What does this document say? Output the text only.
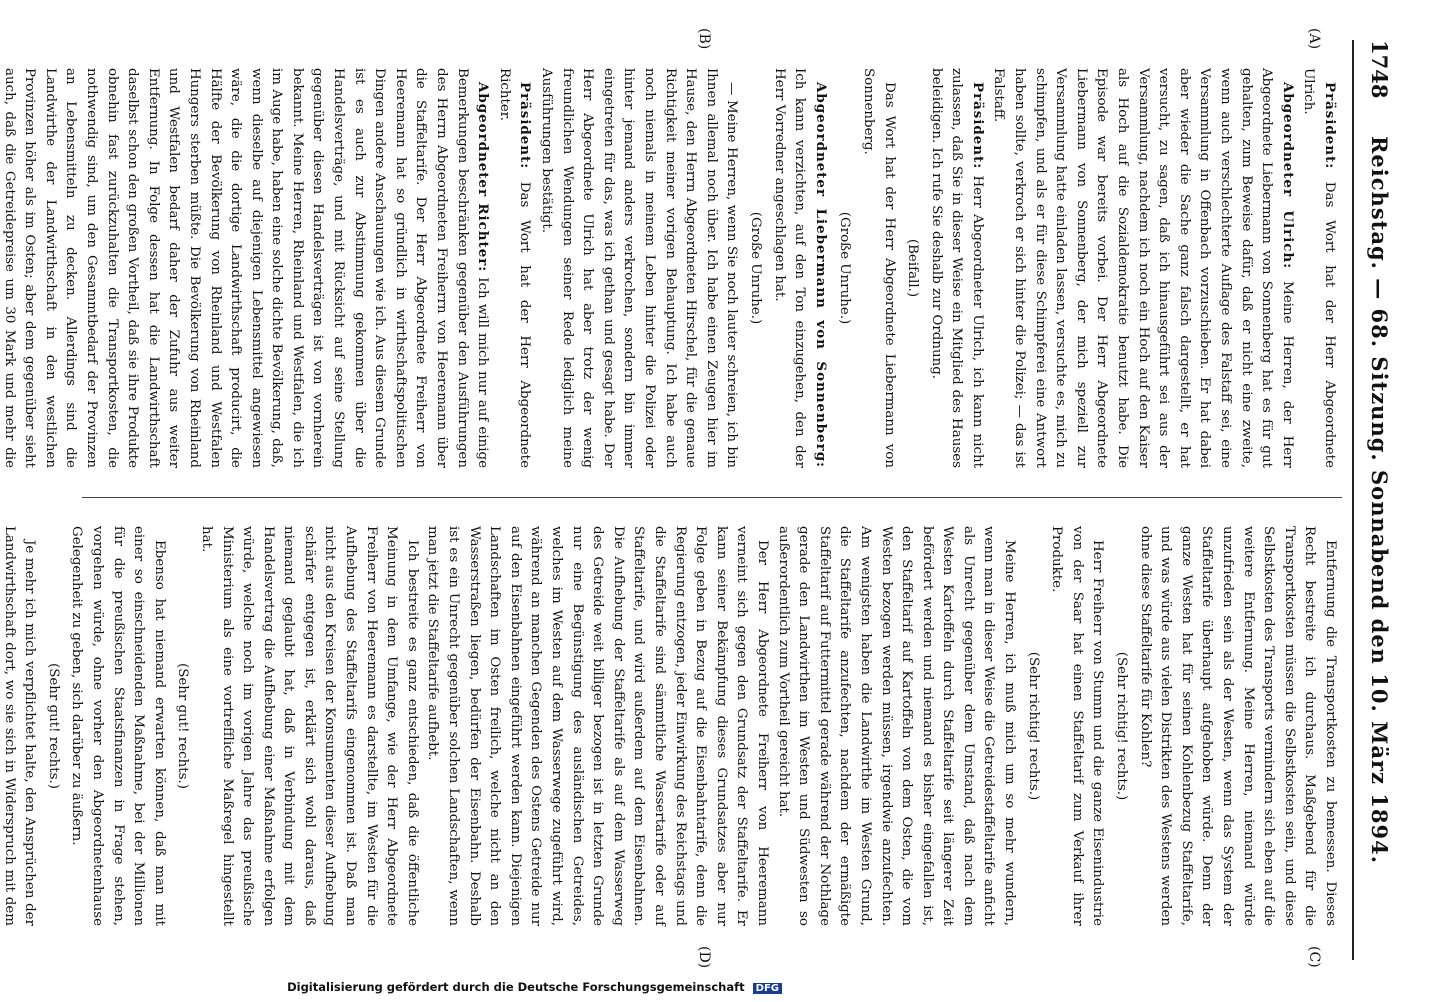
1748
Reichstag. — 68. Sitzung. Sonnabend den 10. März 1894.
(A)
(B)
(C)
(D)

Präsident: Das Wort hat der Herr Abgeordnete Ulrich.

Abgeordneter Ulrich: Meine Herren, der Herr Abgeordnete Liebermann von Sonnenberg hat es für gut gehalten, zum Beweise dafür, daß er nicht eine zweite, wenn auch verschlechterte Auflage des Falstaff sei, eine Versammlung in Offenbach vorzuschieben. Er hat dabei aber wieder die Sache ganz falsch dargestellt, er hat versucht, zu sagen, daß ich hinausgeführt sei aus der Versammlung, nachdem ich noch ein Hoch auf den Kaiser als Hoch auf die Sozialdemokratie benutzt habe. Die Episode war bereits vorbei. Der Herr Abgeordnete Liebermann von Sonnenberg, der mich speziell zur Versammlung hatte einladen lassen, versuchte es, mich zu schimpfen, und als er für diese Schimpferei eine Antwort haben sollte, verkroch er sich hinter die Polizei; — das ist Falstaff.

Präsident: Herr Abgeordneter Ulrich, ich kann nicht zulassen, daß Sie in dieser Weise ein Mitglied des Hauses beleidigen. Ich rufe Sie deshalb zur Ordnung.

(Beifall.)

Das Wort hat der Herr Abgeordnete Liebermann von Sonnenberg.

(Große Unruhe.)

Abgeordneter Liebermann von Sonnenberg: Ich kann verzichten, auf den Ton einzugehen, den der Herr Vorredner angeschlagen hat.

(Große Unruhe.)

— Meine Herren, wenn Sie noch lauter schreien, ich bin Ihnen allemal noch über. Ich habe einen Zeugen hier im Hause, den Herrn Abgeordneten Hirschel, für die genaue Richtigkeit meiner vorigen Behauptung. Ich habe auch noch niemals in meinem Leben hinter die Polizei oder hinter jemand anders verkrochen, sondern bin immer eingetreten für das, was ich gethan und gesagt habe. Der Herr Abgeordnete Ulrich hat aber trotz der wenig freundlichen Wendungen seiner Rede lediglich meine Ausführungen bestätigt.

Präsident: Das Wort hat der Herr Abgeordnete Richter.

Abgeordneter Richter: Ich will mich nur auf einige Bemerkungen beschränken gegenüber den Ausführungen des Herrn Abgeordneten Freiherrn von Heeremann über die Staffeltarife. Der Herr Abgeordnete Freiherr von Heeremann hat so gründlich in wirthschaftspolitischen Dingen andere Anschauungen wie ich. Aus diesem Grunde ist es auch zur Abstimmung gekommen über die Handelsverträge, und mit Rücksicht auf seine Stellung gegenüber diesen Handelsverträgen ist von vornherein bekannt. Meine Herren, Rheinland und Westfalen, die ich im Auge habe, haben eine solche dichte Bevölkerung, daß, wenn dieselbe auf diejenigen Lebensmittel angewiesen wäre, die die dortige Landwirthschaft producirt, die Hälfte der Bevölkerung von Rheinland und Westfalen Hungers sterben müßte. Die Bevölkerung von Rheinland und Westfalen bedarf daher der Zufuhr aus weiter Entfernung. In Folge dessen hat die Landwirthschaft daselbst schon den großen Vortheil, daß sie ihre Produkte obnehin fast zurückzuhalten die Transportkosten, die nothwendig sind, um den Gesammtbedarf der Provinzen an Lebensmitteln zu decken. Allerdings sind die Landwirthe der Landwirthschaft in den westlichen Provinzen höher als im Osten; aber dem gegenüber sieht auch, daß die Getreidepreise um 30 Mark und mehr die

Entfernung die Transportkosten zu bemessen. Dieses Recht bestreite ich durchaus. Maßgebend für die Transportkosten müssen die Selbstkosten sein, und diese Selbstkosten des Transports vermindern sich eben auf die weitere Entfernung. Meine Herren, niemand würde unzufrieden sein als der Westen, wenn das System der Staffeltarife überhaupt aufgehoben würde. Denn der ganze Westen hat für seinen Kohlenbezug Staffeltarife, und was würde aus vielen Distrikten des Westens werden ohne diese Staffeltarife für Kohlen?

(Sehr richtig! rechts.)

Herr Freiherr von Stumm und die ganze Eisenindustrie von der Saar hat einen Staffeltarif zum Verkauf ihrer Produkte.

(Sehr richtig! rechts.)

Meine Herren, ich muß mich um so mehr wundern, wenn man in dieser Weise die Getreidestaffeltarife anficht als Unrecht gegenüber dem Umstand, daß nach dem Westen Kartoffeln durch Staffeltarife seit längerer Zeit befördert werden und niemand es bisher eingefallen ist, den Staffeltarif auf Kartoffeln von dem Osten, die vom Westen bezogen werden müssen, irgendwie anzufechten. Am wenigsten haben die Landwirthe im Westen Grund, die Staffeltarife anzufechten, nachdem der ermäßigte Staffeltarif auf Futtermittel gerade während der Nothlage gerade den Landwirthen im Westen und Südwesten so außerordentlich zum Vortheil gereicht hat.

Der Herr Abgeordnete Freiherr von Heeremann verneint sich gegen den Grundsatz der Staffeltarife. Er kann seiner Bekämpfung dieses Grundsatzes aber nur Folge geben in Bezug auf die Eisenbahntarife, denn die Regierung entzogen, jeder Einwirkung des Reichstags und die Staffeltarife sind sämmtliche Wassertarife oder auf Staffeltarife, und wird außerdem auf dem Eisenbahnen. Die Aufhebung der Staffeltarife als auf dem Wasserweg des Getreide weit billiger bezogen ist in letzten Grunde nur eine Begünstigung des ausländischen Getreides, welches im Westen auf dem Wasserwege zugeführt wird, während an manchen Gegenden des Ostens Getreide nur auf den Eisenbahnen eingeführt werden kann. Diejenigen Landschaften im Osten freilich, welche nicht an den Wasserstraßen liegen, bedürfen der Eisenbahn. Deshalb ist es ein Unrecht gegenüber solchen Landschaften, wenn man jetzt die Staffeltarife aufhebt.

Ich bestreite es ganz entschieden, daß die öffentliche Meinung in dem Umfange, wie der Herr Abgeordnete Freiherr von Heeremann es darstellte, im Westen für die Aufhebung des Staffeltarifs eingenommen ist. Daß man nicht aus den Kreisen der Konsumenten dieser Aufhebung schärfer entgegen ist, erklärt sich wohl daraus, daß niemand geglaubt hat, daß in Verbindung mit dem Handelsvertrag die Aufhebung einer Maßnahme erfolgen würde, welche noch im vorigen Jahre das preußische Ministerium als eine vortreffliche Maßregel hingestellt hat.

(Sehr gut! rechts.)

Ebenso hat niemand erwarten können, daß man mit einer so einschneidenden Maßnahme, bei der Millionen für die preußischen Staatsfinanzen in Frage stehen, vorgehen würde, ohne vorher den Abgeordnetenhause Gelegenheit zu geben, sich darüber zu äußern.

(Sehr gut! rechts.)

Je mehr ich mich verpflichtet halte, den Ansprüchen der Landwirthschaft dort, wo sie sich in Widerspruch mit dem

Digitalisierung gefördert durch die Deutsche Forschungsgemeinschaft DFG
